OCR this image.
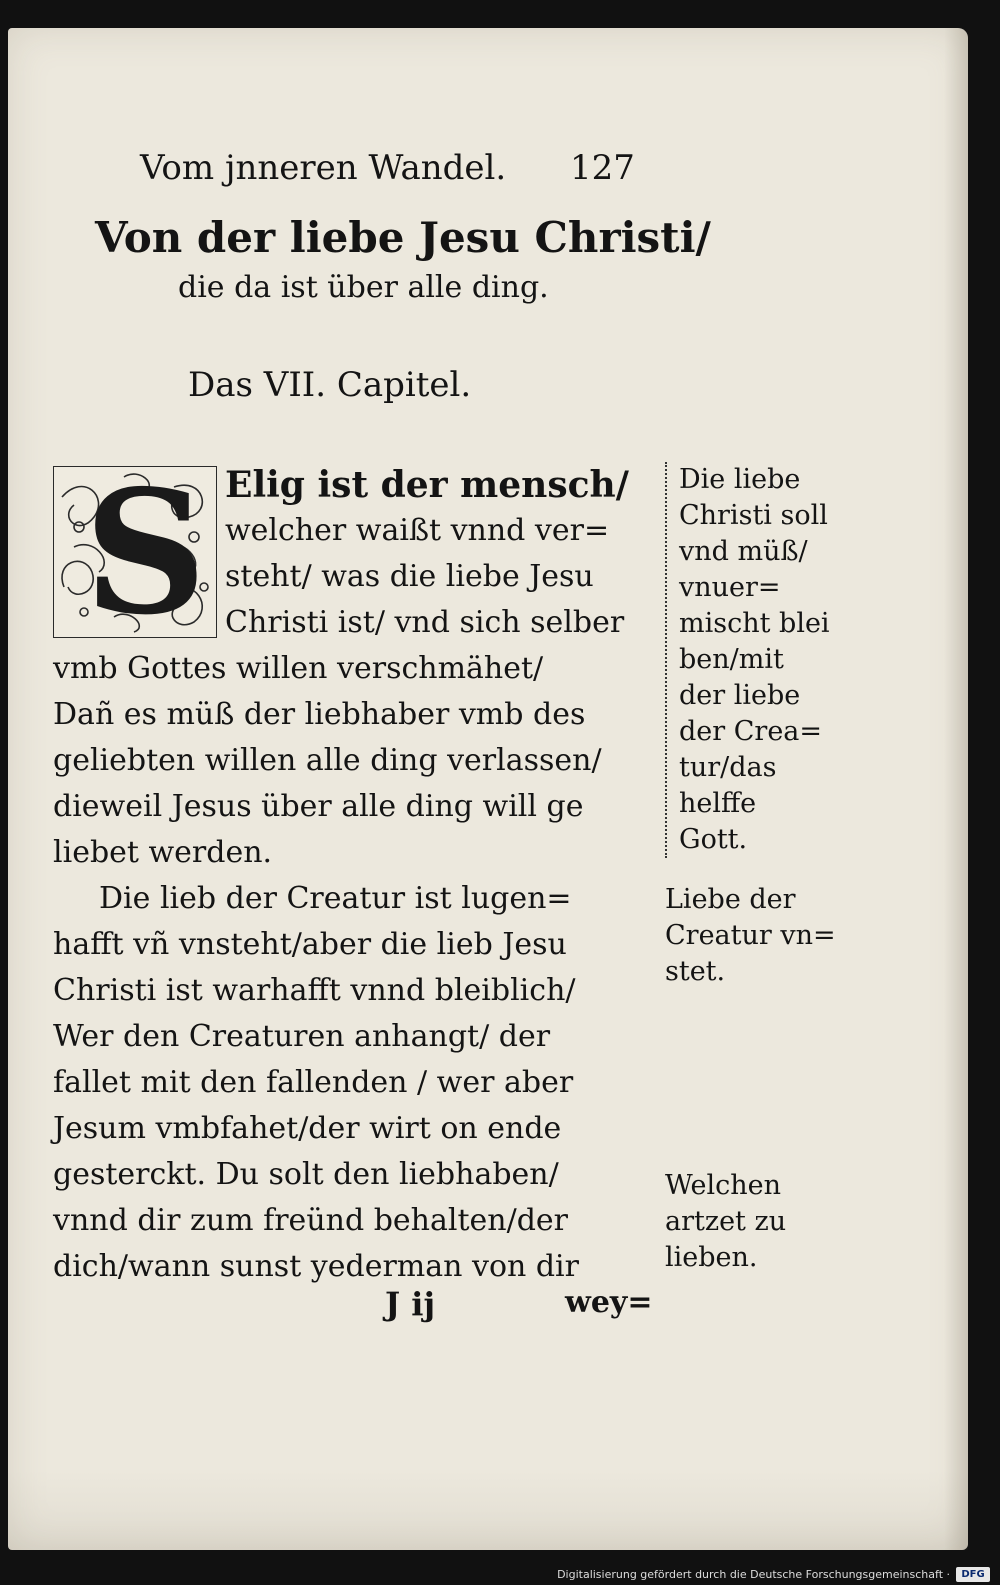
Vom jnneren Wandel. 127
Von der liebe Jesu Christi/
die da ist über alle ding.
Das VII. Capitel.
S Elig ist der mensch/
welcher waißt vnnd ver=
steht/ was die liebe Jesu
Christi ist/ vnd sich selber
vmb Gottes willen verschmähet/
Dañ es müß der liebhaber vmb des
geliebten willen alle ding verlassen/
dieweil Jesus über alle ding will ge
liebet werden.
Die lieb der Creatur ist lugen=
hafft vñ vnsteht/aber die lieb Jesu
Christi ist warhafft vnnd bleiblich/
Wer den Creaturen anhangt/ der
fallet mit den fallenden / wer aber
Jesum vmbfahet/der wirt on ende
gesterckt. Du solt den liebhaben/
vnnd dir zum freünd behalten/der
dich/wann sunst yederman von dir
Die liebe
Christi soll
vnd müß/
vnuer=
mischt blei
ben/mit
der liebe
der Crea=
tur/das
helffe
Gott.
Liebe der
Creatur vn=
stet.
Welchen
artzet zu
lieben.
J ij	wey=
Digitalisierung gefördert durch die Deutsche Forschungsgemeinschaft ·	DFG
